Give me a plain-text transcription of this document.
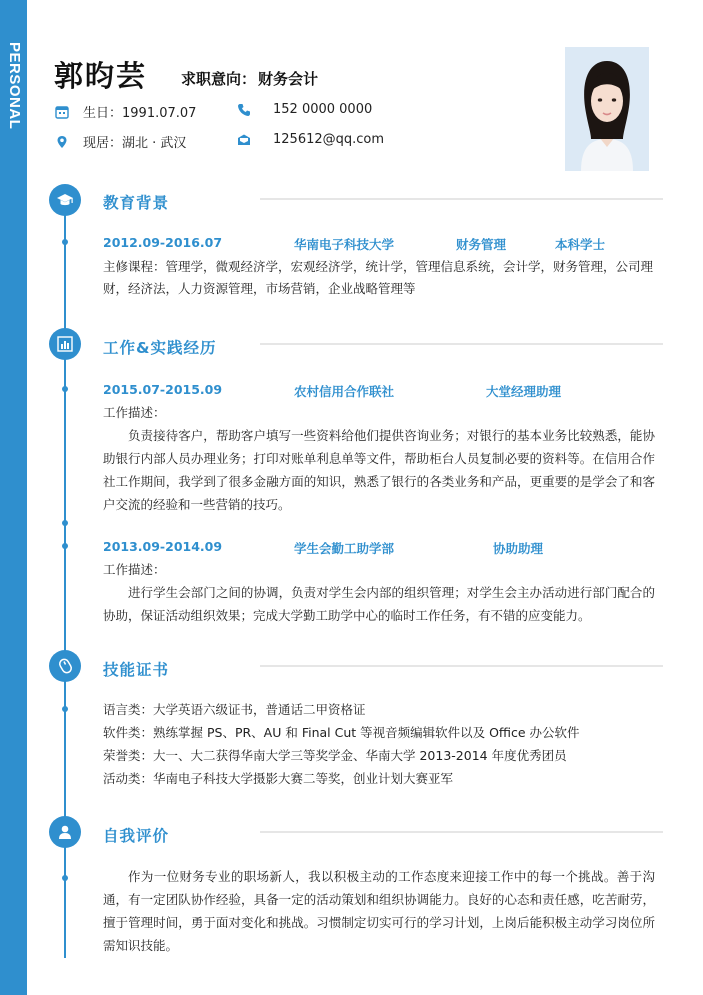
PERSONAL 郭昀芸 求职意向： 财务会计
生日：1991.07.07	152 0000 0000
现居：湖北 · 武汉	125612@qq.com
教育背景
2012.09-2016.07	华南电子科技大学	财务管理	本科学士
主修课程：管理学，微观经济学，宏观经济学，统计学，管理信息系统，会计学，财务管理，公司理
财，经济法，人力资源管理，市场营销，企业战略管理等
工作&实践经历
2015.07-2015.09	农村信用合作联社	大堂经理助理
工作描述：
负责接待客户，帮助客户填写一些资料给他们提供咨询业务；对银行的基本业务比较熟悉，能协助银行内部人员办理业务；打印对账单利息单等文件，帮助柜台人员复制必要的资料等。在信用合作社工作期间，我学到了很多金融方面的知识，熟悉了银行的各类业务和产品，更重要的是学会了和客户交流的经验和一些营销的技巧。
2013.09-2014.09	学生会勤工助学部	协助助理
工作描述：
进行学生会部门之间的协调，负责对学生会内部的组织管理；对学生会主办活动进行部门配合的协助，保证活动组织效果；完成大学勤工助学中心的临时工作任务，有不错的应变能力。
技能证书
语言类：大学英语六级证书，普通话二甲资格证
软件类：熟练掌握 PS、PR、AU 和 Final Cut 等视音频编辑软件以及 Office 办公软件
荣誉类：大一、大二获得华南大学三等奖学金、华南大学 2013-2014 年度优秀团员
活动类：华南电子科技大学摄影大赛二等奖，创业计划大赛亚军
自我评价
作为一位财务专业的职场新人，我以积极主动的工作态度来迎接工作中的每一个挑战。善于沟通，有一定团队协作经验，具备一定的活动策划和组织协调能力。良好的心态和责任感，吃苦耐劳，擅于管理时间，勇于面对变化和挑战。习惯制定切实可行的学习计划，上岗后能积极主动学习岗位所需知识技能。
